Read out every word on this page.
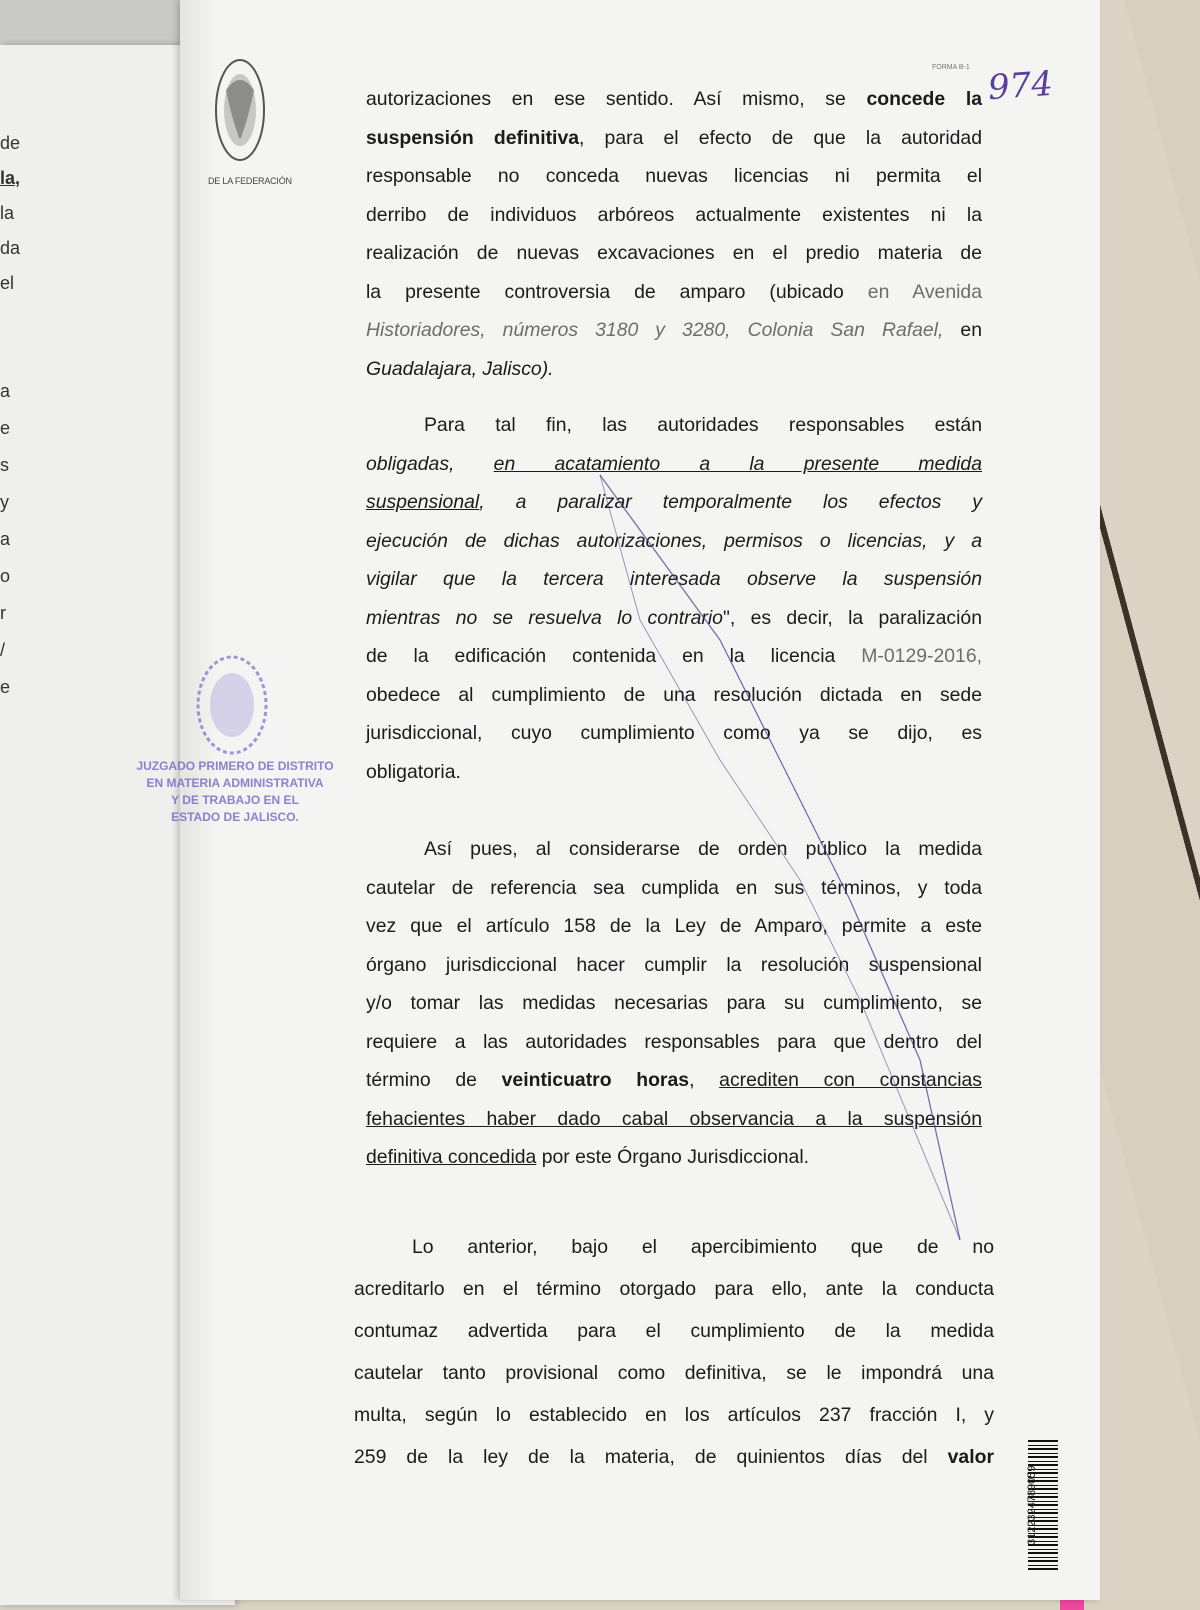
de
la,
la
da
el
a
e
s
y
a
o
r
/
e
DE LA FEDERACIÓN
FORMA B-1 974
JUZGADO PRIMERO DE DISTRITO
EN MATERIA ADMINISTRATIVA
Y DE TRABAJO EN EL
ESTADO DE JALISCO.
autorizaciones en ese sentido. Así mismo, se concede la
suspensión definitiva, para el efecto de que la autoridad
responsable no conceda nuevas licencias ni permita el
derribo de individuos arbóreos actualmente existentes ni la
realización de nuevas excavaciones en el predio materia de
la presente controversia de amparo (ubicado en Avenida
Historiadores, números 3180 y 3280, Colonia San Rafael, en
Guadalajara, Jalisco).
Para tal fin, las autoridades responsables están
obligadas, en acatamiento a la presente medida
suspensional, a paralizar temporalmente los efectos y
ejecución de dichas autorizaciones, permisos o licencias, y a
vigilar que la tercera interesada observe la suspensión
mientras no se resuelva lo contrario", es decir, la paralización
de la edificación contenida en la licencia M-0129-2016,
obedece al cumplimiento de una resolución dictada en sede
jurisdiccional, cuyo cumplimiento como ya se dijo, es
obligatoria.
Así pues, al considerarse de orden público la medida
cautelar de referencia sea cumplida en sus términos, y toda
vez que el artículo 158 de la Ley de Amparo, permite a este
órgano jurisdiccional hacer cumplir la resolución suspensional
y/o tomar las medidas necesarias para su cumplimiento, se
requiere a las autoridades responsables para que dentro del
término de veinticuatro horas, acrediten con constancias
fehacientes haber dado cabal observancia a la suspensión
definitiva concedida por este Órgano Jurisdiccional.
Lo anterior, bajo el apercibimiento que de no
acreditarlo en el término otorgado para ello, ante la conducta
contumaz advertida para el cumplimiento de la medida
cautelar tanto provisional como definitiva, se le impondrá una
multa, según lo establecido en los artículos 237 fracción I, y
259 de la ley de la materia, de quinientos días del valor
3122324789059
